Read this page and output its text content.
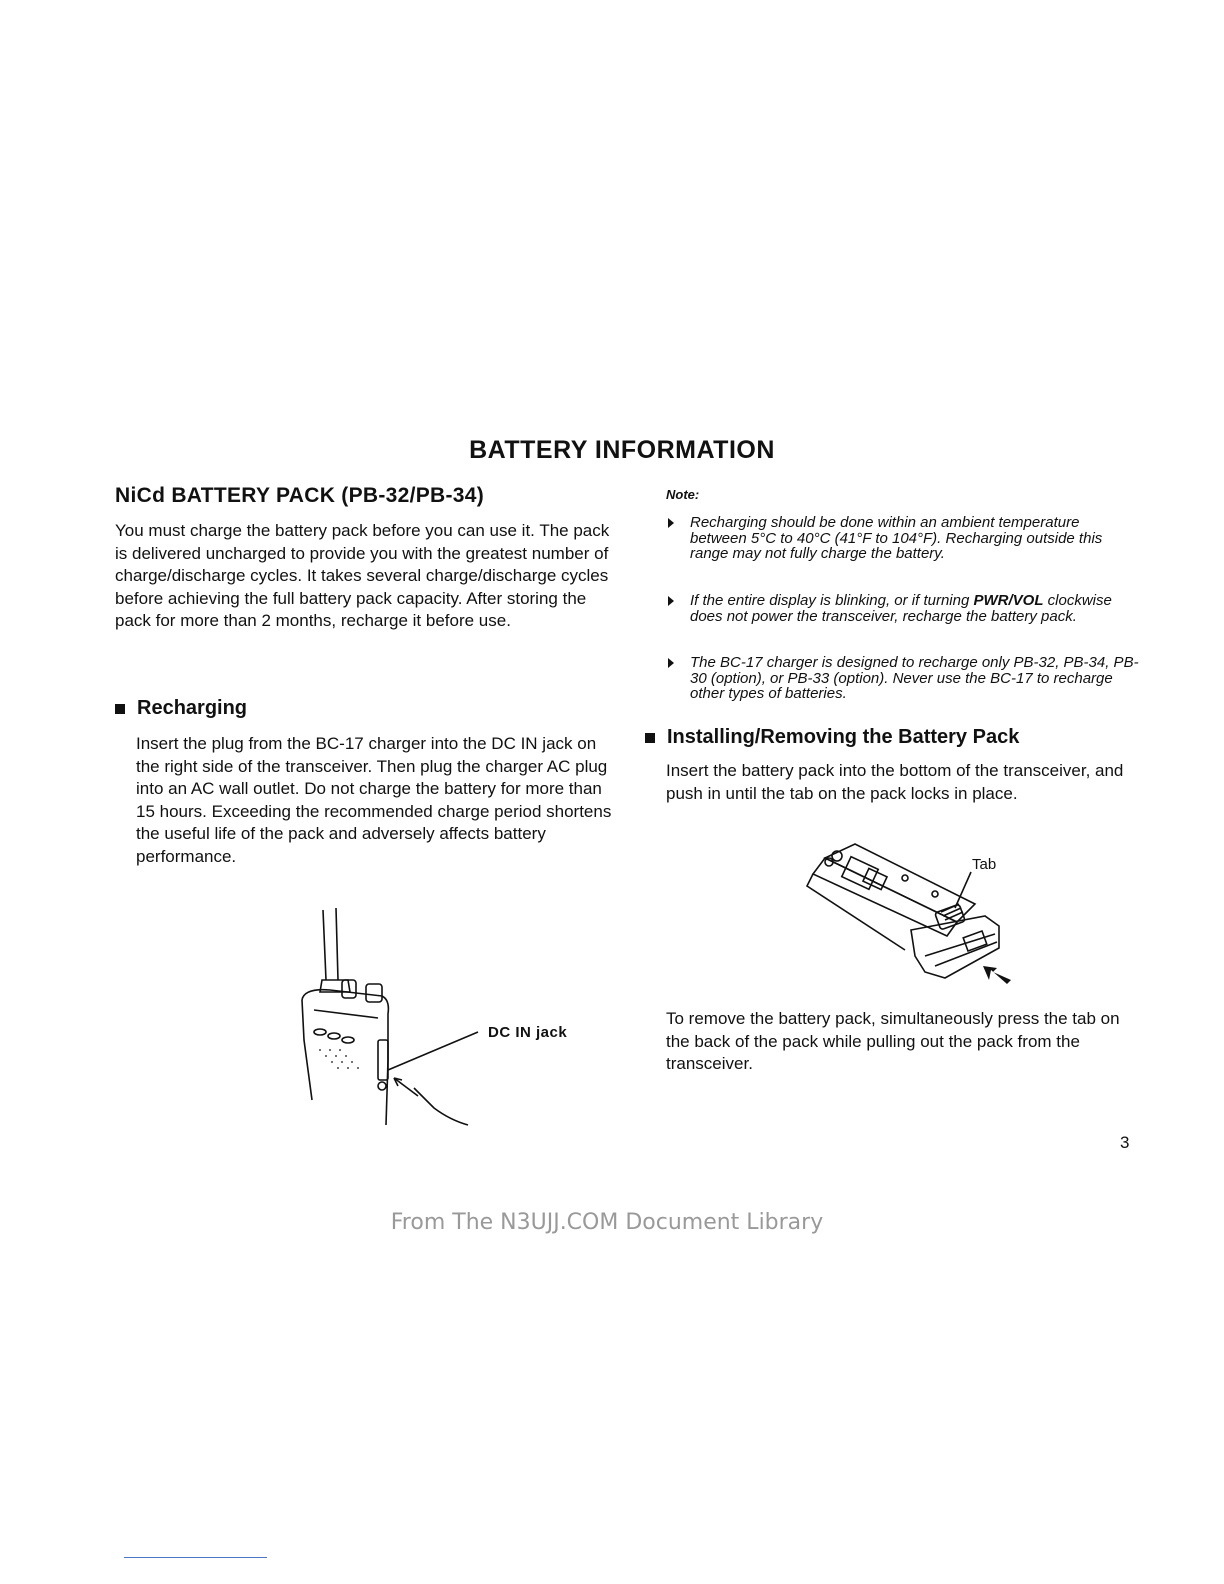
BATTERY INFORMATION
NiCd BATTERY PACK (PB-32/PB-34)
You must charge the battery pack before you can use it. The pack is delivered uncharged to provide you with the greatest number of charge/discharge cycles. It takes several charge/discharge cycles before achieving the full battery pack capacity. After storing the pack for more than 2 months, recharge it before use.
Recharging
Insert the plug from the BC-17 charger into the DC IN jack on the right side of the transceiver. Then plug the charger AC plug into an AC wall outlet. Do not charge the battery for more than 15 hours. Exceeding the recommended charge period shortens the useful life of the pack and adversely affects battery performance.
DC IN jack
Note:
Recharging should be done within an ambient temperature between 5°C to 40°C (41°F to 104°F). Recharging outside this range may not fully charge the battery.
If the entire display is blinking, or if turning PWR/VOL clockwise does not power the transceiver, recharge the battery pack.
The BC-17 charger is designed to recharge only PB-32, PB-34, PB-30 (option), or PB-33 (option). Never use the BC-17 to recharge other types of batteries.
Installing/Removing the Battery Pack
Insert the battery pack into the bottom of the transceiver, and push in until the tab on the pack locks in place.
Tab
To remove the battery pack, simultaneously press the tab on the back of the pack while pulling out the pack from the transceiver.
3
From The N3UJJ.COM Document Library
